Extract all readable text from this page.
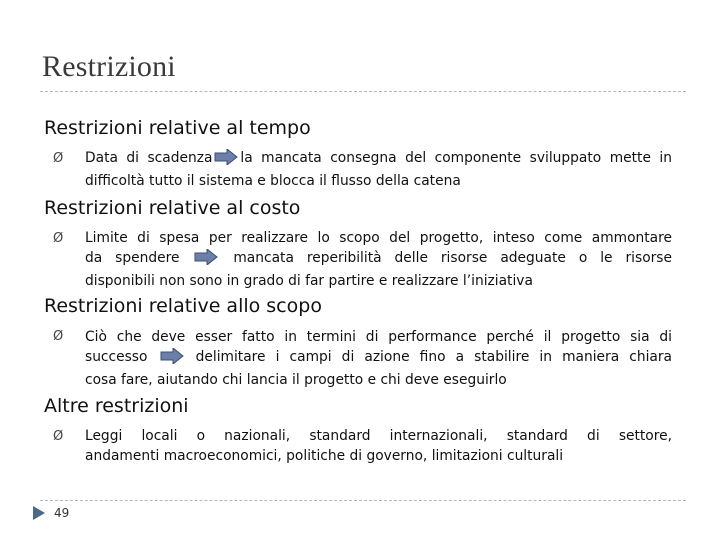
Restrizioni
Restrizioni relative al tempo
Ø Data di scadenza la mancata consegna del componente sviluppato mette in
difficoltà tutto il sistema e blocca il flusso della catena
Restrizioni relative al costo
Ø Limite di spesa per realizzare lo scopo del progetto, inteso come ammontare
da spendere	mancata reperibilità delle risorse adeguate o le risorse
disponibili non sono in grado di far partire e realizzare l’iniziativa
Restrizioni relative allo scopo
Ø Ciò che deve esser fatto in termini di performance perché il progetto sia di
successo	delimitare i campi di azione fino a stabilire in maniera chiara
cosa fare, aiutando chi lancia il progetto e chi deve eseguirlo
Altre restrizioni
Ø Leggi locali o nazionali, standard internazionali, standard di settore,
andamenti macroeconomici, politiche di governo, limitazioni culturali
49
